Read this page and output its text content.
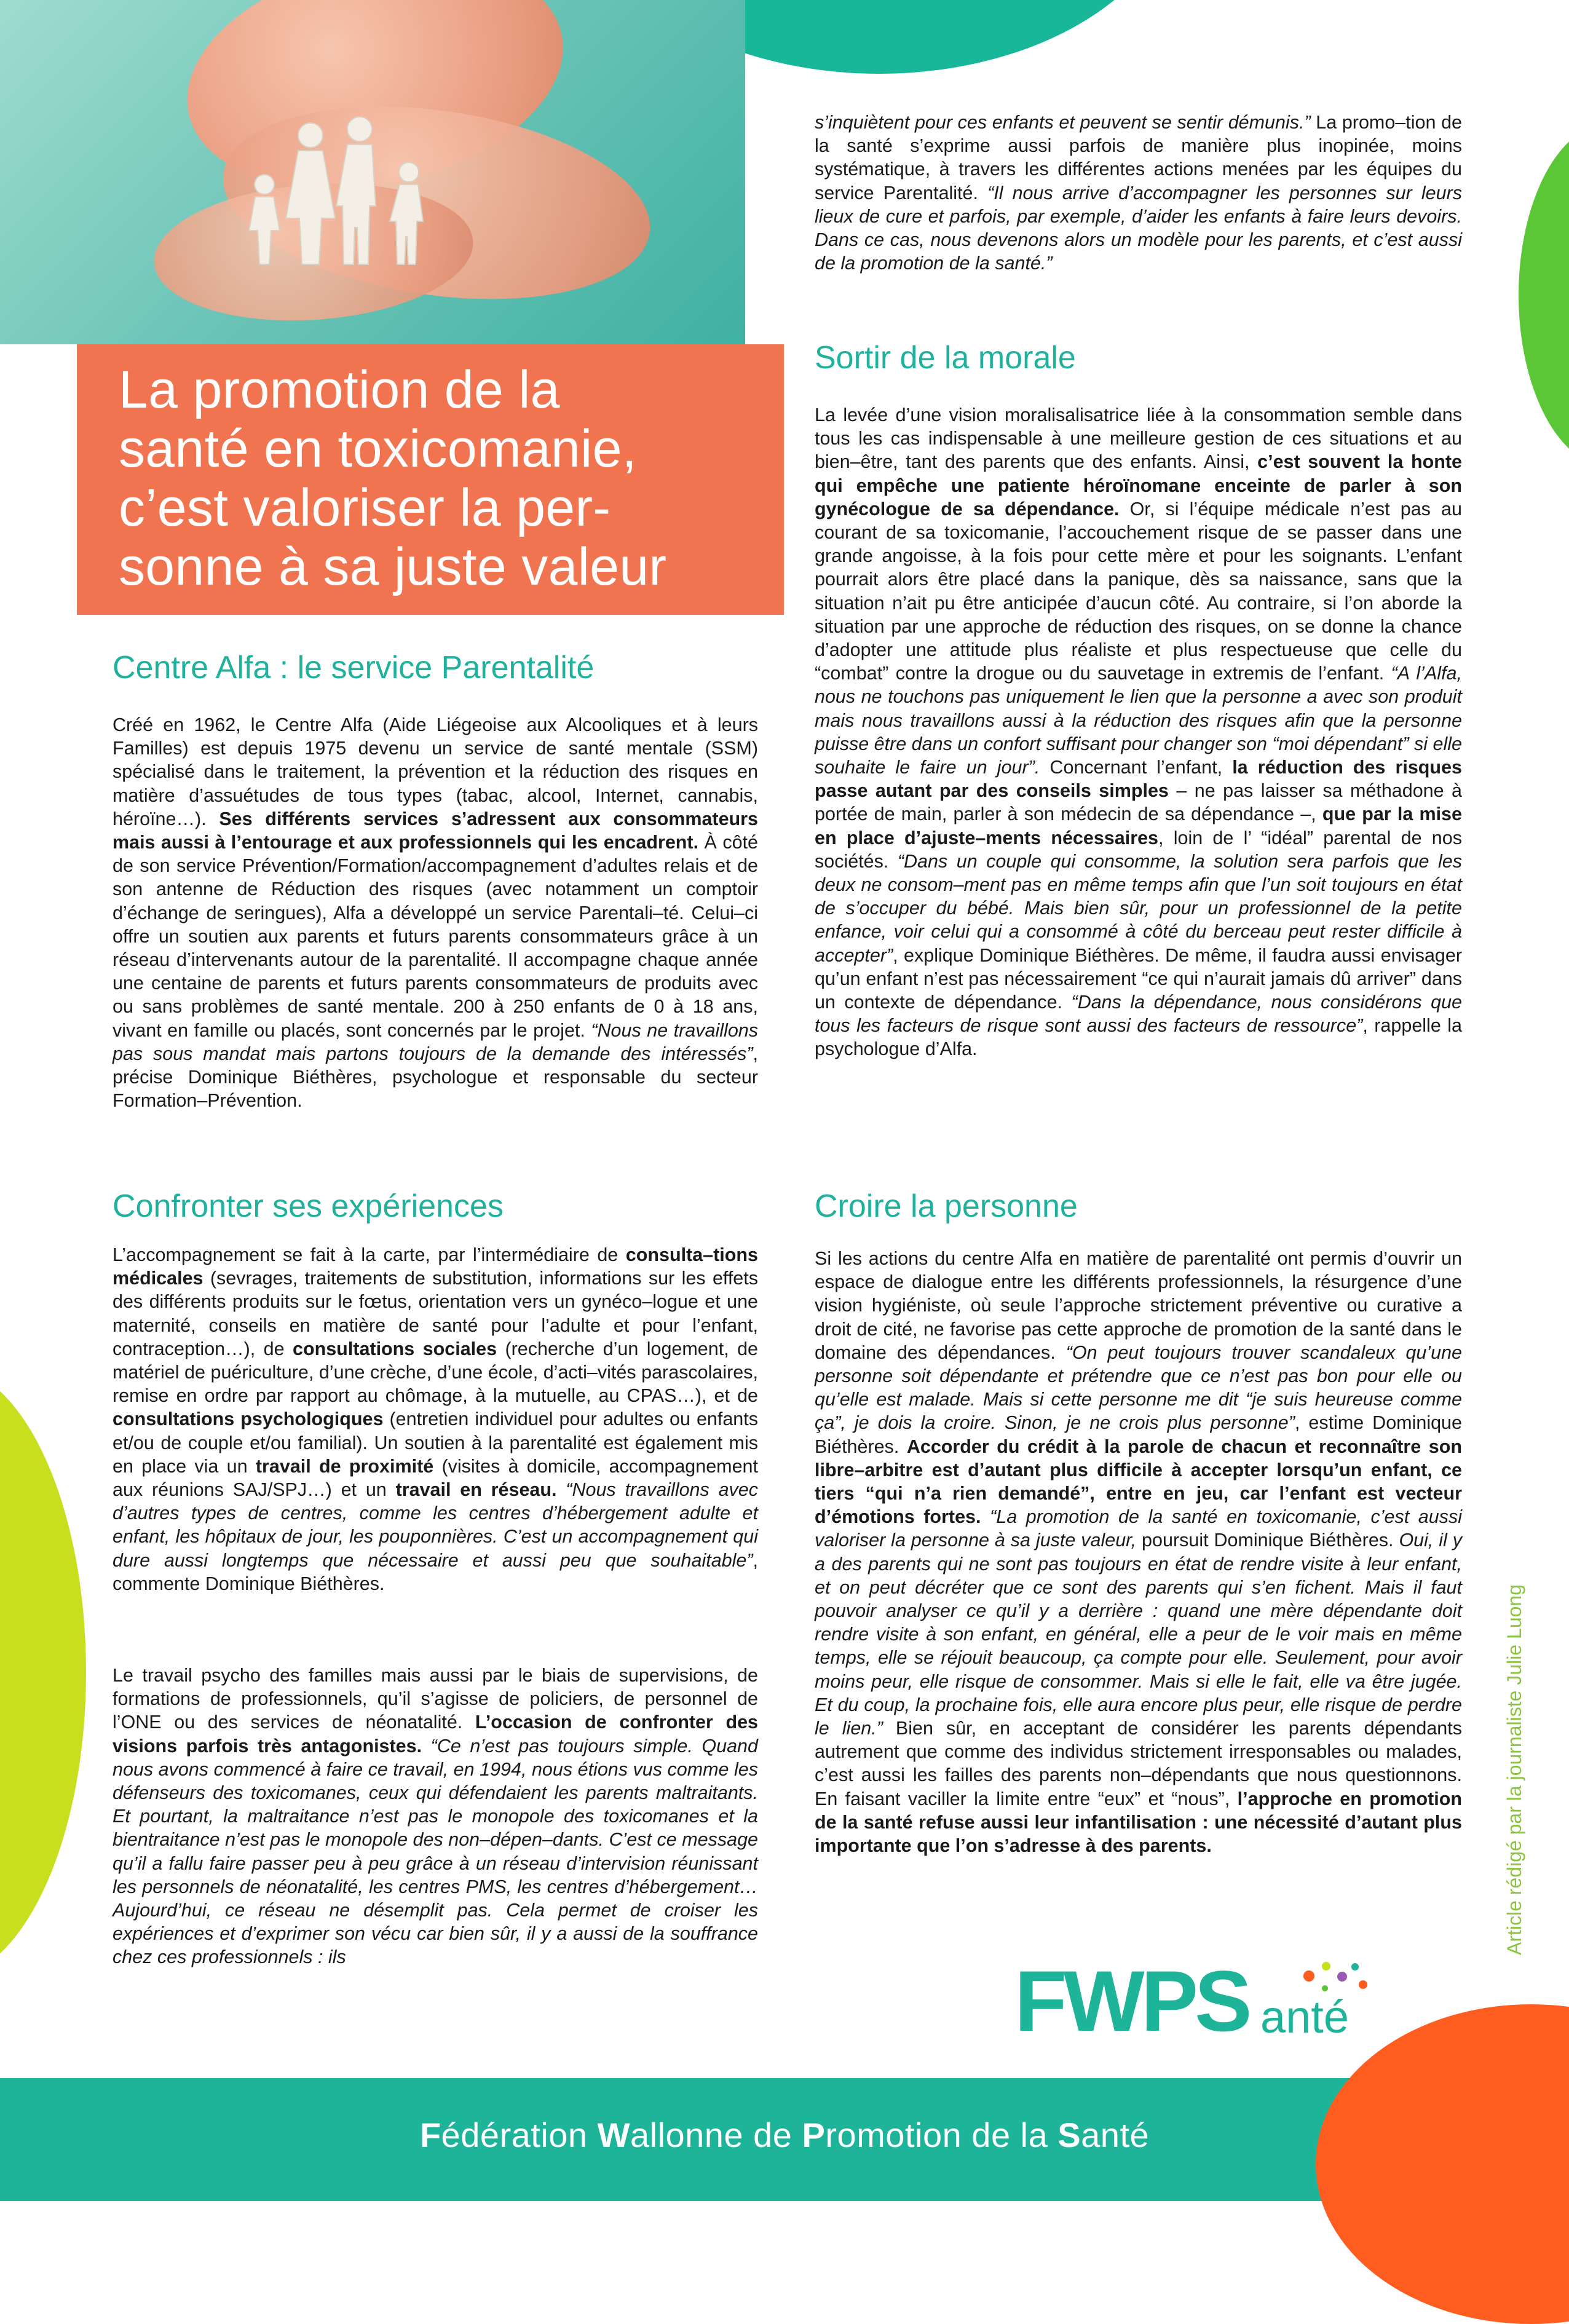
La promotion de la
santé en toxicomanie,
c’est valoriser la per-
sonne à sa juste valeur
Centre Alfa : le service Parentalité

Créé en 1962, le Centre Alfa (Aide Liégeoise aux Alcooliques et à leurs Familles) est depuis 1975 devenu un service de santé mentale (SSM) spécialisé dans le traitement, la prévention et la réduction des risques en matière d’assuétudes de tous types (tabac, alcool, Internet, cannabis, héroïne…). Ses différents services s’adressent aux consommateurs mais aussi à l’entourage et aux professionnels qui les encadrent. À côté de son service Prévention/Formation/accompagnement d’adultes relais et de son antenne de Réduction des risques (avec notamment un comptoir d’échange de seringues), Alfa a développé un service Parentali–té. Celui–ci offre un soutien aux parents et futurs parents consommateurs grâce à un réseau d’intervenants autour de la parentalité. Il accompagne chaque année une centaine de parents et futurs parents consommateurs de produits avec ou sans problèmes de santé mentale. 200 à 250 enfants de 0 à 18 ans, vivant en famille ou placés, sont concernés par le projet. “Nous ne travaillons pas sous mandat mais partons toujours de la demande des intéressés”, précise Dominique Biéthères, psychologue et responsable du secteur Formation–Prévention.

Confronter ses expériences

L’accompagnement se fait à la carte, par l’intermédiaire de consulta–tions médicales (sevrages, traitements de substitution, informations sur les effets des différents produits sur le fœtus, orientation vers un gynéco–logue et une maternité, conseils en matière de santé pour l’adulte et pour l’enfant, contraception…), de consultations sociales (recherche d’un logement, de matériel de puériculture, d’une crèche, d’une école, d’acti–vités parascolaires, remise en ordre par rapport au chômage, à la mutuelle, au CPAS…), et de consultations psychologiques (entretien individuel pour adultes ou enfants et/ou de couple et/ou familial). Un soutien à la parentalité est également mis en place via un travail de proximité (visites à domicile, accompagnement aux réunions SAJ/SPJ…) et un travail en réseau. “Nous travaillons avec d’autres types de centres, comme les centres d’hébergement adulte et enfant, les hôpitaux de jour, les pouponnières. C’est un accompagnement qui dure aussi longtemps que nécessaire et aussi peu que souhaitable”, commente Dominique Biéthères.

Le travail psycho des familles mais aussi par le biais de supervisions, de formations de professionnels, qu’il s’agisse de policiers, de personnel de l’ONE ou des services de néonatalité. L’occasion de confronter des visions parfois très antagonistes. “Ce n’est pas toujours simple. Quand nous avons commencé à faire ce travail, en 1994, nous étions vus comme les défenseurs des toxicomanes, ceux qui défendaient les parents maltraitants. Et pourtant, la maltraitance n’est pas le monopole des toxicomanes et la bientraitance n’est pas le monopole des non–dépen–dants. C’est ce message qu’il a fallu faire passer peu à peu grâce à un réseau d’intervision réunissant les personnels de néonatalité, les centres PMS, les centres d’hébergement… Aujourd’hui, ce réseau ne désemplit pas. Cela permet de croiser les expériences et d’exprimer son vécu car bien sûr, il y a aussi de la souffrance chez ces professionnels : ils

s’inquiètent pour ces enfants et peuvent se sentir démunis.” La promo–tion de la santé s’exprime aussi parfois de manière plus inopinée, moins systématique, à travers les différentes actions menées par les équipes du service Parentalité. “Il nous arrive d’accompagner les personnes sur leurs lieux de cure et parfois, par exemple, d’aider les enfants à faire leurs devoirs. Dans ce cas, nous devenons alors un modèle pour les parents, et c’est aussi de la promotion de la santé.”

Sortir de la morale

La levée d’une vision moralisalisatrice liée à la consommation semble dans tous les cas indispensable à une meilleure gestion de ces situations et au bien–être, tant des parents que des enfants. Ainsi, c’est souvent la honte qui empêche une patiente héroïnomane enceinte de parler à son gynécologue de sa dépendance. Or, si l’équipe médicale n’est pas au courant de sa toxicomanie, l’accouchement risque de se passer dans une grande angoisse, à la fois pour cette mère et pour les soignants. L’enfant pourrait alors être placé dans la panique, dès sa naissance, sans que la situation n’ait pu être anticipée d’aucun côté. Au contraire, si l’on aborde la situation par une approche de réduction des risques, on se donne la chance d’adopter une attitude plus réaliste et plus respectueuse que celle du “combat” contre la drogue ou du sauvetage in extremis de l’enfant. “A l’Alfa, nous ne touchons pas uniquement le lien que la personne a avec son produit mais nous travaillons aussi à la réduction des risques afin que la personne puisse être dans un confort suffisant pour changer son “moi dépendant” si elle souhaite le faire un jour”. Concernant l’enfant, la réduction des risques passe autant par des conseils simples – ne pas laisser sa méthadone à portée de main, parler à son médecin de sa dépendance –, que par la mise en place d’ajuste–ments nécessaires, loin de l’ “idéal” parental de nos sociétés. “Dans un couple qui consomme, la solution sera parfois que les deux ne consom–ment pas en même temps afin que l’un soit toujours en état de s’occuper du bébé. Mais bien sûr, pour un professionnel de la petite enfance, voir celui qui a consommé à côté du berceau peut rester difficile à accepter”, explique Dominique Biéthères. De même, il faudra aussi envisager qu’un enfant n’est pas nécessairement “ce qui n’aurait jamais dû arriver” dans un contexte de dépendance. “Dans la dépendance, nous considérons que tous les facteurs de risque sont aussi des facteurs de ressource”, rappelle la psychologue d’Alfa.

Croire la personne

Si les actions du centre Alfa en matière de parentalité ont permis d’ouvrir un espace de dialogue entre les différents professionnels, la résurgence d’une vision hygiéniste, où seule l’approche strictement préventive ou curative a droit de cité, ne favorise pas cette approche de promotion de la santé dans le domaine des dépendances. “On peut toujours trouver scandaleux qu’une personne soit dépendante et prétendre que ce n’est pas bon pour elle ou qu’elle est malade. Mais si cette personne me dit “je suis heureuse comme ça”, je dois la croire. Sinon, je ne crois plus personne”, estime Dominique Biéthères. Accorder du crédit à la parole de chacun et reconnaître son libre–arbitre est d’autant plus difficile à accepter lorsqu’un enfant, ce tiers “qui n’a rien demandé”, entre en jeu, car l’enfant est vecteur d’émotions fortes. “La promotion de la santé en toxicomanie, c’est aussi valoriser la personne à sa juste valeur, poursuit Dominique Biéthères. Oui, il y a des parents qui ne sont pas toujours en état de rendre visite à leur enfant, et on peut décréter que ce sont des parents qui s’en fichent. Mais il faut pouvoir analyser ce qu’il y a derrière : quand une mère dépendante doit rendre visite à son enfant, en général, elle a peur de le voir mais en même temps, elle se réjouit beaucoup, ça compte pour elle. Seulement, pour avoir moins peur, elle risque de consommer. Mais si elle le fait, elle va être jugée. Et du coup, la prochaine fois, elle aura encore plus peur, elle risque de perdre le lien.” Bien sûr, en acceptant de considérer les parents dépendants autrement que comme des individus strictement irresponsables ou malades, c’est aussi les failles des parents non–dépendants que nous questionnons. En faisant vaciller la limite entre “eux” et “nous”, l’approche en promotion de la santé refuse aussi leur infantilisation : une nécessité d’autant plus importante que l’on s’adresse à des parents.	Article rédigé par la journaliste Julie Luong
FWPS anté
Fédération Wallonne de Promotion de la Santé
